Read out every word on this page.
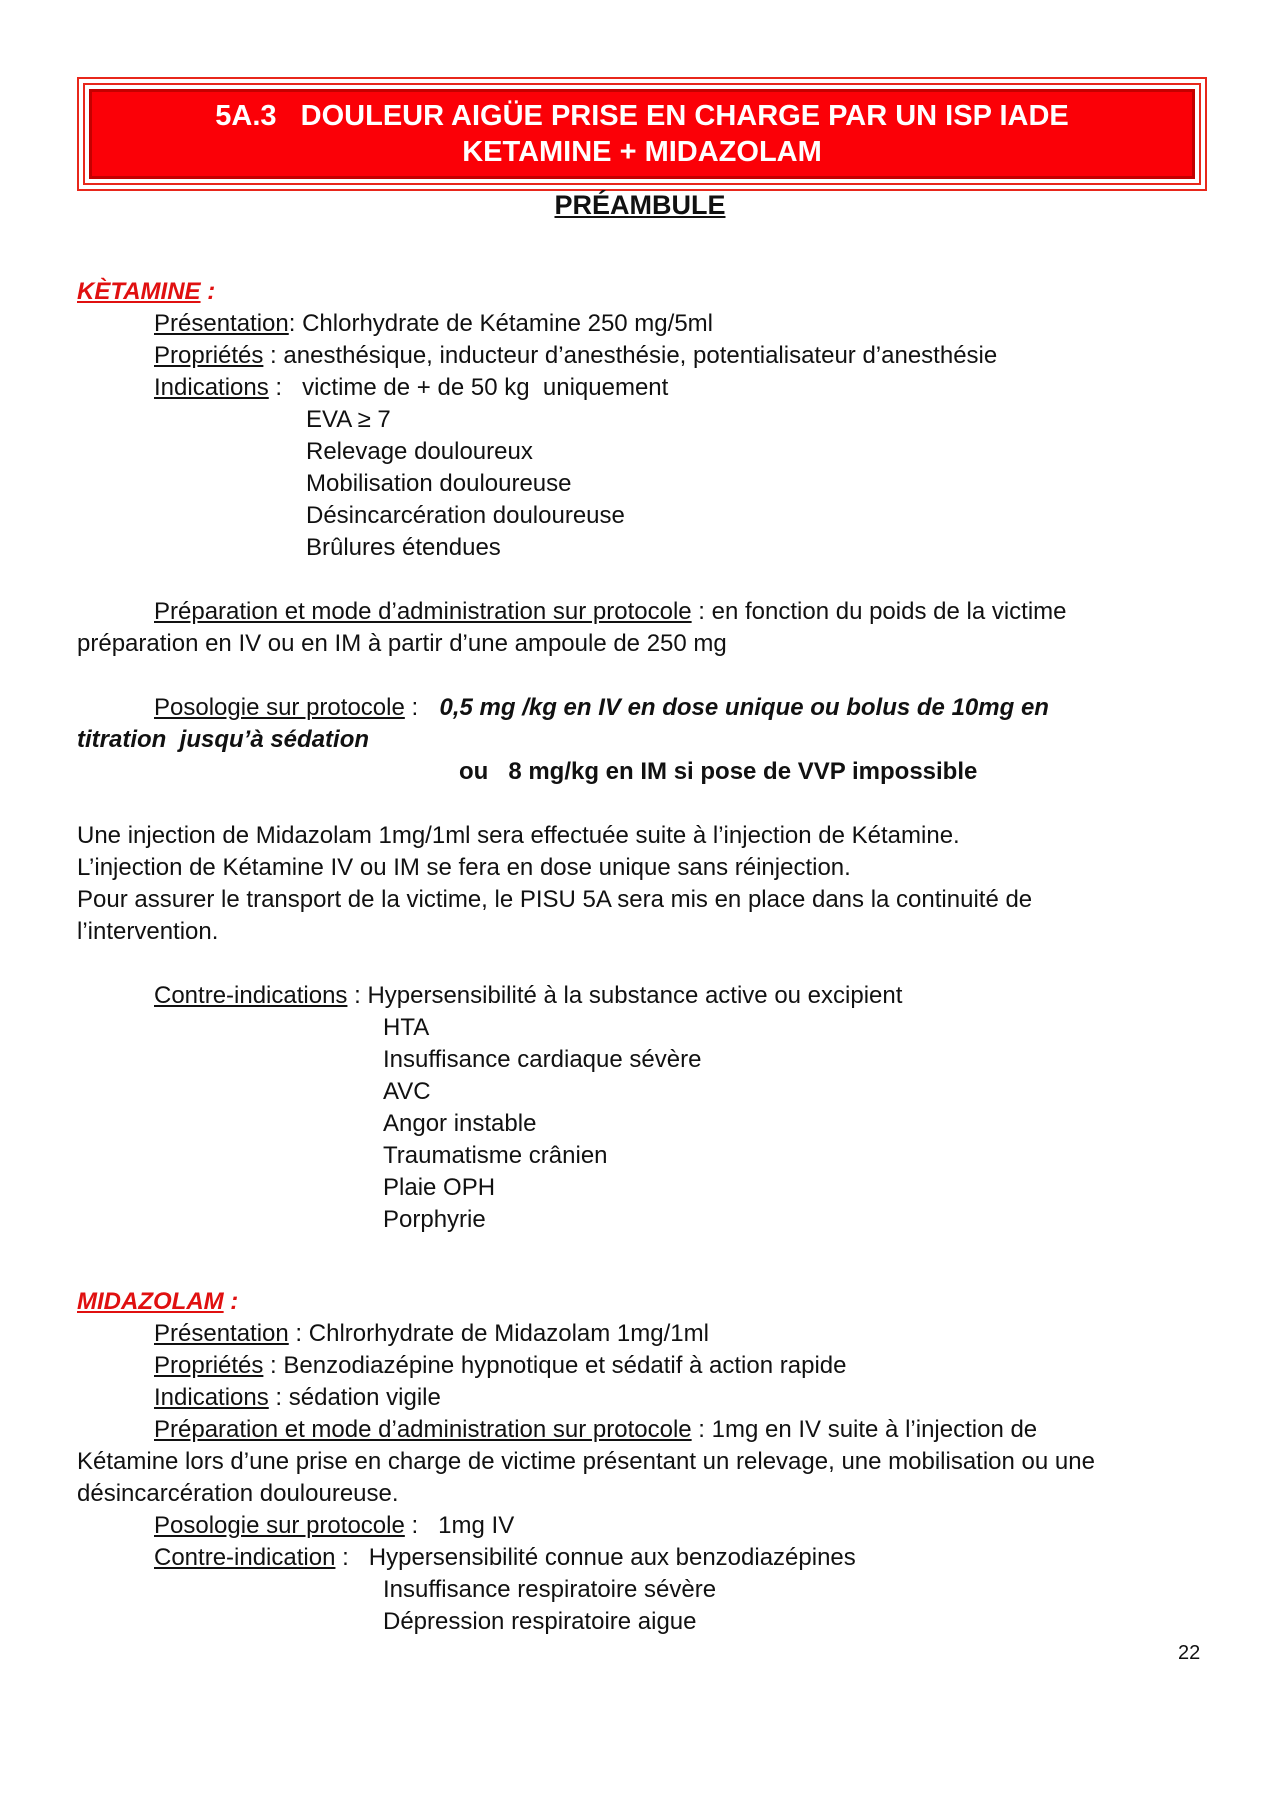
5A.3   DOULEUR AIGÜE PRISE EN CHARGE PAR UN ISP IADE
KETAMINE + MIDAZOLAM
PRÉAMBULE
KÈTAMINE :
Présentation: Chlorhydrate de Kétamine 250 mg/5ml
Propriétés : anesthésique, inducteur d’anesthésie, potentialisateur d’anesthésie
Indications :   victime de + de 50 kg  uniquement
EVA ≥ 7
Relevage douloureux
Mobilisation douloureuse
Désincarcération douloureuse
Brûlures étendues
Préparation et mode d’administration sur protocole : en fonction du poids de la victime
préparation en IV ou en IM à partir d’une ampoule de 250 mg
Posologie sur protocole :  0,5 mg /kg en IV en dose unique ou bolus de 10mg en
titration  jusqu’à sédation
ou   8 mg/kg en IM si pose de VVP impossible
Une injection de Midazolam 1mg/1ml sera effectuée suite à l’injection de Kétamine.
L’injection de Kétamine IV ou IM se fera en dose unique sans réinjection.
Pour assurer le transport de la victime, le PISU 5A sera mis en place dans la continuité de
l’intervention.
Contre-indications : Hypersensibilité à la substance active ou excipient
HTA
Insuffisance cardiaque sévère
AVC
Angor instable
Traumatisme crânien
Plaie OPH
Porphyrie
MIDAZOLAM :
Présentation : Chlrorhydrate de Midazolam 1mg/1ml
Propriétés : Benzodiazépine hypnotique et sédatif à action rapide
Indications : sédation vigile
Préparation et mode d’administration sur protocole : 1mg en IV suite à l’injection de
Kétamine lors d’une prise en charge de victime présentant un relevage, une mobilisation ou une
désincarcération douloureuse.
Posologie sur protocole :   1mg IV
Contre-indication :   Hypersensibilité connue aux benzodiazépines
Insuffisance respiratoire sévère
Dépression respiratoire aigue
22
